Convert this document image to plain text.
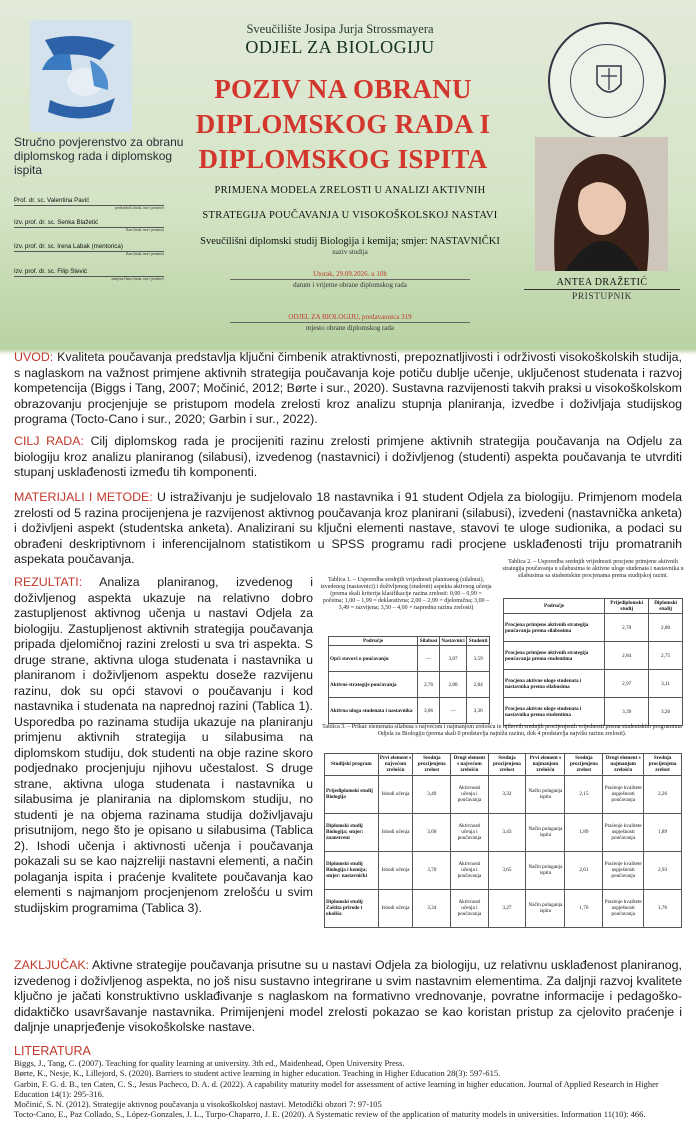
Stručno povjerenstvo za obranu diplomskog rada i diplomskog ispita
Prof. dr. sc. Valentina Pavić
predsjednik (titula, ime i prezime)
Izv. prof. dr. sc. Senka Blažetić
član (titula, ime i prezime)
Izv. prof. dr. sc. Irena Labak (mentorica)
član (titula, ime i prezime)
Izv. prof. dr. sc. Filip Stević
zamjena člana (titula, ime i prezime)
Sveučilište Josipa Jurja Strossmayera
ODJEL ZA BIOLOGIJU
POZIV NA OBRANU
DIPLOMSKOG RADA I
DIPLOMSKOG ISPITA
ANTEA DRAŽETIĆ
PRISTUPNIK
PRIMJENA MODELA ZRELOSTI U ANALIZI AKTIVNIH
STRATEGIJA POUČAVANJA U VISOKOŠKOLSKOJ NASTAVI
Sveučilišni diplomski studij Biologija i kemija; smjer: NASTAVNIČKI
naziv studija
Utorak, 29.09.2026. u 10h
datum i vrijeme obrane diplomskog rada
ODJEL ZA BIOLOGIJU, predavaonica 319
mjesto obrane diplomskog rada
UVOD: Kvaliteta poučavanja predstavlja ključni čimbenik atraktivnosti, prepoznatljivosti i održivosti visokoškolskih studija, s naglaskom na važnost primjene aktivnih strategija poučavanja koje potiču dublje učenje, uključenost studenata i razvoj kompetencija (Biggs i Tang, 2007; Močinić, 2012; Børte i sur., 2020). Sustavna razvijenosti takvih praksi u visokoškolskom obrazovanju procjenjuje se pristupom modela zrelosti kroz analizu stupnja planiranja, izvedbe i doživljaja studijskog programa (Tocto-Cano i sur., 2020; Garbin i sur., 2022).
CILJ RADA: Cilj diplomskog rada je procijeniti razinu zrelosti primjene aktivnih strategija poučavanja na Odjelu za biologiju kroz analizu planiranog (silabusi), izvedenog (nastavnici) i doživljenog (studenti) aspekta poučavanja te utvrditi stupanj usklađenosti između tih komponenti.
MATERIJALI I METODE: U istraživanju je sudjelovalo 18 nastavnika i 91 student Odjela za biologiju. Primjenom modela zrelosti od 5 razina procijenjena je razvijenost aktivnog poučavanja kroz planirani (silabusi), izvedeni (nastavnička anketa) i doživljeni aspekt (studentska anketa). Analizirani su ključni elementi nastave, stavovi te uloge sudionika, a podaci su obrađeni deskriptivnom i inferencijalnom statistikom u SPSS programu radi procjene usklađenosti triju promatranih aspekata poučavanja.
REZULTATI: Analiza planiranog, izvedenog i doživljenog aspekta ukazuje na relativno dobro zastupljenost aktivnog učenja u nastavi Odjela za biologiju. Zastupljenost aktivnih strategija poučavanja pripada djelomičnoj razini zrelosti u sva tri aspekta. S druge strane, aktivna uloga studenata i nastavnika u planiranom i doživljenom aspektu doseže razvijenu razinu, dok su opći stavovi o poučavanju i kod nastavnika i studenata na naprednoj razini (Tablica 1). Usporedba po razinama studija ukazuje na planiranju primjenu aktivnih strategija u silabusima na diplomskom studiju, dok studenti na obje razine skoro podjednako procjenjuju njihovu učestalost. S druge strane, aktivna uloga studenata i nastavnika u silabusima je planirania na diplomskom studiju, no studenti je na objema razinama studija doživljavaju prisutnijom, nego što je opisano u silabusima (Tablica 2). Ishodi učenja i aktivnosti učenja i poučavanja pokazali su se kao najzreliji nastavni elementi, a način polaganja ispita i praćenje kvalitete poučavanja kao elementi s najmanjom procjenjenom zrelošću u svim studijskim programima (Tablica 3).
Tablica 1. – Usporedba srednjih vrijednosti planiranog (silabusi), izvedenog (nastavnici) i doživljenog (studenti) aspekta aktivnog učenja (prema skali kriterija klasifikacije razina zrelosti: 0,00 – 0,99 = početna; 1,00 – 1,99 = deklarativna; 2,00 – 2,99 = djelomična; 3,00 – 3,49 = razvijena; 3,50 – 4,00 = napredna razina zrelosti)
Područje	Silabusi	Nastavnici	Studenti
Opći stavovi o poučavanju	—	3,87	3,59
Aktivne strategije poučavanja	2,76	2,88	2,84
Aktivna uloga studenata i nastavnika	3,06	—	3,36
Tablica 2. – Usporedba srednjih vrijednosti procjene primjene aktivnih strategija poučavanja u silabusima te aktivne uloge studenata i nastavnika u silabusima sa studentskim procjenama prema studijskoj razini.
Područje	Prijediplomski studij	Diplomski studij
Procjena primjene aktivnih strategija poučavanja prema silabusima	2,70	2,80
Procjena primjene aktivnih strategija poučavanja prema studentima	2,84	2,75
Procjena aktivne uloge studenata i nastavnika prema silabusima	2,97	3,11
Procjena aktivne uloge studenata i nastavnika prema studentima	3,39	3,26
Tablica 3. – Prikaz elemenata silabusa s najvećom i najmanjom zrelošću te njihovih srednjih procijenjenih vrijednosti prema studentskim programima Odjela za Biologiju (prema skali 0 predstavlja najnižu razinu, dok 4 predstavlja najvišu razinu zrelosti).
Studijski program	Prvi element s najvećom zrelošću	Srednja procijenjena zrelost	Drugi element s najvećom zrelošću	Srednja procijenjena zrelost	Prvi element s najmanjom zrelošću	Srednja procijenjena zrelost	Drugi element s najmanjom zrelošću	Srednja procijenjena zrelost
Prijediplomski studij Biologija	Ishodi učenja	3,40	Aktivnosti učenja i poučavanja	3,32	Način polaganja ispita	2,15	Praćenje kvalitete uspješnosti poučavanja	2,26
Diplomski studij Biologija; smjer: znanstveni	Ishodi učenja	3,60	Aktivnosti učenja i poučavanja	3,43	Način polaganja ispita	1,89	Praćenje kvalitete uspješnosti poučavanja	1,89
Diplomski studij Biologija i kemija; smjer: nastavnički	Ishodi učenja	3,70	Aktivnosti učenja i poučavanja	3,65	Način polaganja ispita	2,61	Praćenje kvalitete uspješnosti poučavanja	2,93
Diplomski studij Zaštita prirode i okoliša	Ishodi učenja	3,34	Aktivnosti učenja i poučavanja	3,27	Način polaganja ispita	1,76	Praćenje kvalitete uspješnosti poučavanja	1,76
ZAKLJUČAK: Aktivne strategije poučavanja prisutne su u nastavi Odjela za biologiju, uz relativnu usklađenost planiranog, izvedenog i doživljenog aspekta, no još nisu sustavno integrirane u svim nastavnim elementima. Za daljnji razvoj kvalitete ključno je jačati konstruktivno usklađivanje s naglaskom na formativno vrednovanje, povratne informacije i pedagoško-didaktičko usavršavanje nastavnika. Primijenjeni model zrelosti pokazao se kao koristan pristup za cjelovito praćenje i daljnje unaprjeđenje visokoškolske nastave.
LITERATURA
Biggs, J., Tang, C. (2007). Teaching for quality learning at university. 3th ed., Maidenhead, Open University Press.
Børte, K., Nesje, K., Lillejord, S. (2020). Barriers to student active learning in higher education. Teaching in Higher Education 28(3): 597-615.
Garbin, F. G. d. B., ten Caten, C. S., Jesus Pacheco, D. A. d. (2022). A capability maturity model for assessment of active learning in higher education. Journal of Applied Research in Higher Education 14(1): 295-316.
Močinić, S. N. (2012). Strategije aktivnog poučavanja u visokoškolskoj nastavi. Metodički obzori 7: 97-105
Tocto-Cano, E., Paz Collado, S., López-Gonzales, J. L., Turpo-Chaparro, J. E. (2020). A Systematic review of the application of maturity models in universities. Information 11(10): 466.
